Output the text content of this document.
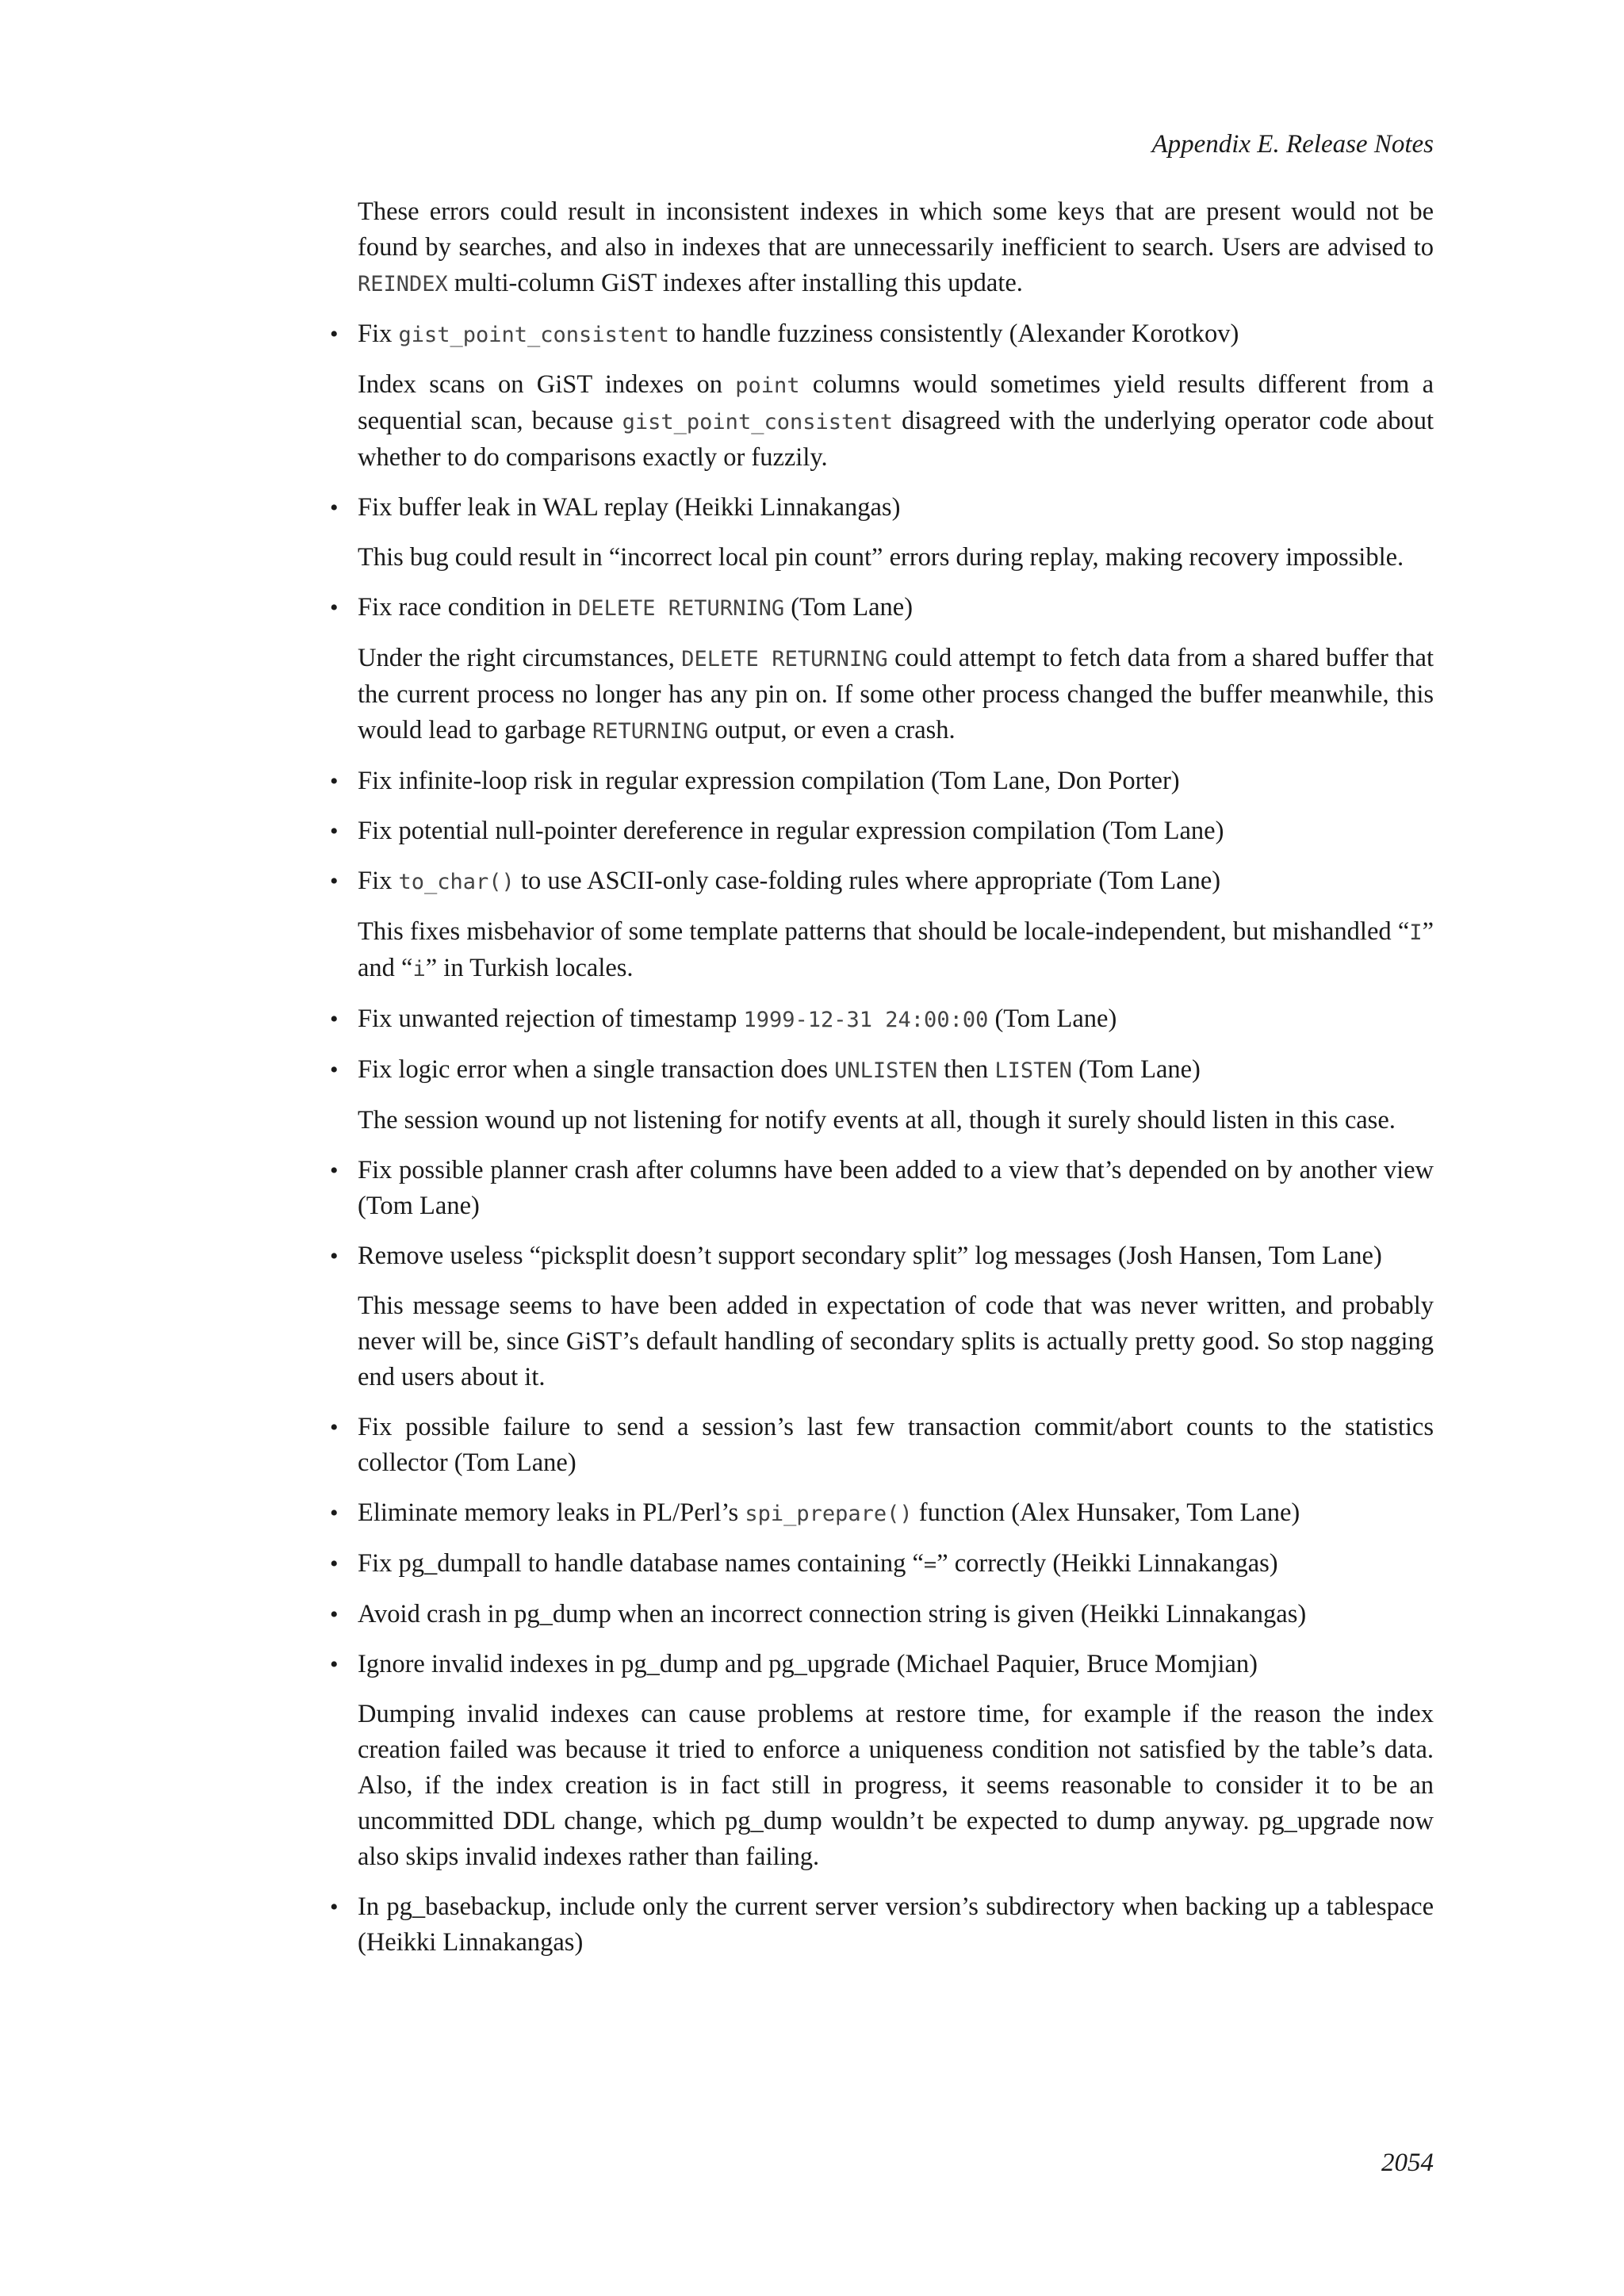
Appendix E. Release Notes

These errors could result in inconsistent indexes in which some keys that are present would not be found by searches, and also in indexes that are unnecessarily inefficient to search. Users are advised to REINDEX multi-column GiST indexes after installing this update.

• Fix gist_point_consistent to handle fuzziness consistently (Alexander Korotkov)

Index scans on GiST indexes on point columns would sometimes yield results different from a sequential scan, because gist_point_consistent disagreed with the underlying operator code about whether to do comparisons exactly or fuzzily.

• Fix buffer leak in WAL replay (Heikki Linnakangas)

This bug could result in “incorrect local pin count” errors during replay, making recovery impossible.

• Fix race condition in DELETE RETURNING (Tom Lane)

Under the right circumstances, DELETE RETURNING could attempt to fetch data from a shared buffer that the current process no longer has any pin on. If some other process changed the buffer meanwhile, this would lead to garbage RETURNING output, or even a crash.

• Fix infinite-loop risk in regular expression compilation (Tom Lane, Don Porter)

• Fix potential null-pointer dereference in regular expression compilation (Tom Lane)

• Fix to_char() to use ASCII-only case-folding rules where appropriate (Tom Lane)

This fixes misbehavior of some template patterns that should be locale-independent, but mishandled “I” and “i” in Turkish locales.

• Fix unwanted rejection of timestamp 1999-12-31 24:00:00 (Tom Lane)

• Fix logic error when a single transaction does UNLISTEN then LISTEN (Tom Lane)

The session wound up not listening for notify events at all, though it surely should listen in this case.

• Fix possible planner crash after columns have been added to a view that’s depended on by another view (Tom Lane)

• Remove useless “picksplit doesn’t support secondary split” log messages (Josh Hansen, Tom Lane)

This message seems to have been added in expectation of code that was never written, and probably never will be, since GiST’s default handling of secondary splits is actually pretty good. So stop nagging end users about it.

• Fix possible failure to send a session’s last few transaction commit/abort counts to the statistics collector (Tom Lane)

• Eliminate memory leaks in PL/Perl’s spi_prepare() function (Alex Hunsaker, Tom Lane)

• Fix pg_dumpall to handle database names containing “=” correctly (Heikki Linnakangas)

• Avoid crash in pg_dump when an incorrect connection string is given (Heikki Linnakangas)

• Ignore invalid indexes in pg_dump and pg_upgrade (Michael Paquier, Bruce Momjian)

Dumping invalid indexes can cause problems at restore time, for example if the reason the index creation failed was because it tried to enforce a uniqueness condition not satisfied by the table’s data. Also, if the index creation is in fact still in progress, it seems reasonable to consider it to be an uncommitted DDL change, which pg_dump wouldn’t be expected to dump anyway. pg_upgrade now also skips invalid indexes rather than failing.

• In pg_basebackup, include only the current server version’s subdirectory when backing up a tablespace (Heikki Linnakangas)

2054
